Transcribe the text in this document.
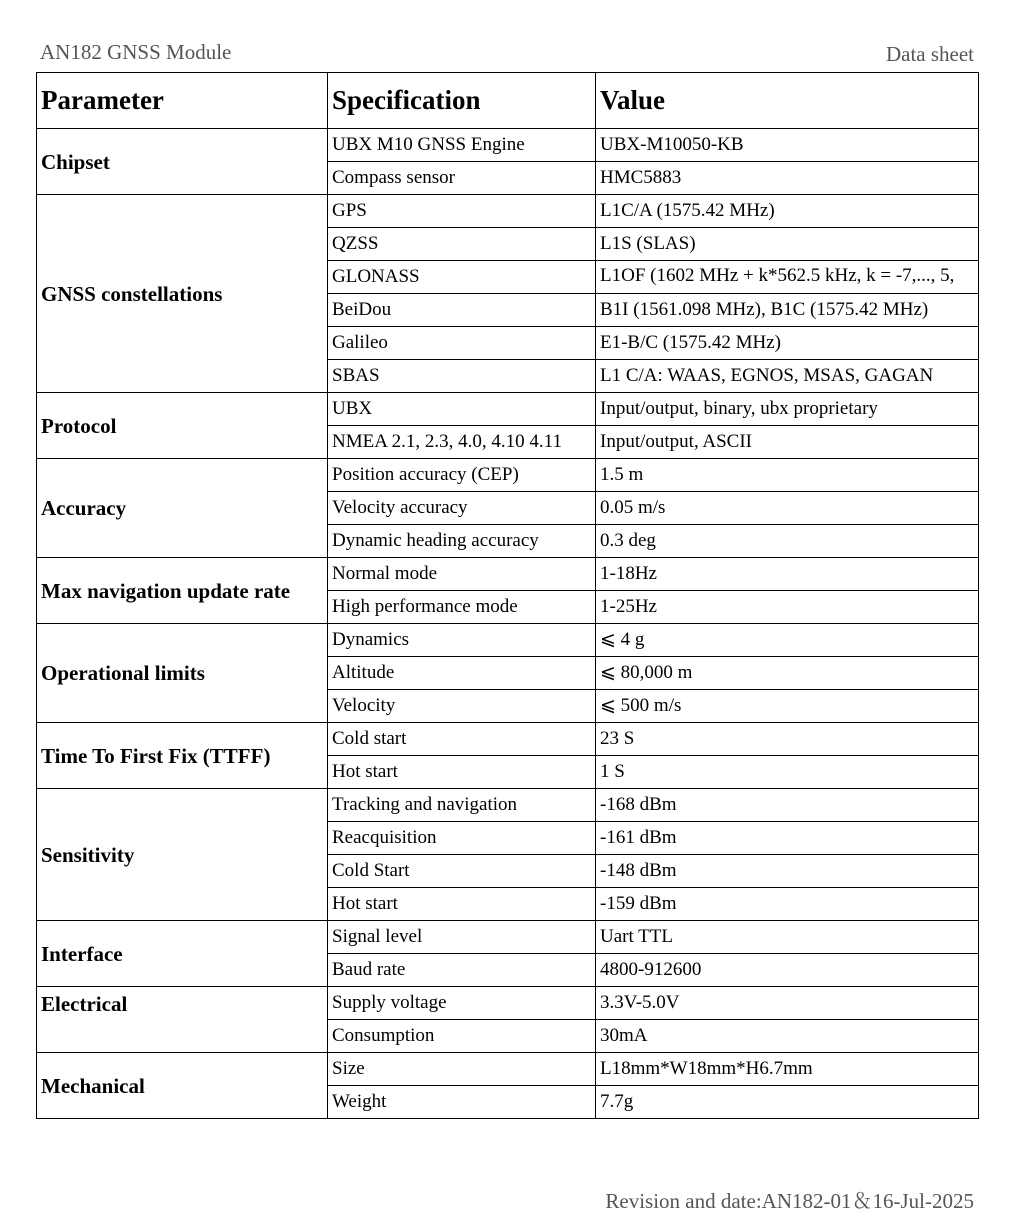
AN182 GNSS Module	Data sheet
Parameter	Specification	Value
Chipset	UBX M10 GNSS Engine	UBX-M10050-KB
	Compass sensor	HMC5883
GNSS constellations	GPS	L1C/A (1575.42 MHz)
	QZSS	L1S (SLAS)
	GLONASS	L1OF (1602 MHz + k*562.5 kHz, k = -7,..., 5,

	BeiDou	B1I (1561.098 MHz), B1C (1575.42 MHz)
	Galileo	E1-B/C (1575.42 MHz)
	SBAS	L1 C/A: WAAS, EGNOS, MSAS, GAGAN
Protocol	UBX	Input/output, binary, ubx proprietary
	NMEA 2.1, 2.3, 4.0, 4.10 4.11	Input/output, ASCII
Accuracy	Position accuracy (CEP)	1.5 m
	Velocity accuracy	0.05 m/s
	Dynamic heading accuracy	0.3 deg
Max navigation update rate	Normal mode	1-18Hz
	High performance mode	1-25Hz
Operational limits	Dynamics	⩽ 4 g
	Altitude	⩽ 80,000 m
	Velocity	⩽ 500 m/s
Time To First Fix (TTFF)	Cold start	23 S
	Hot start	1 S
Sensitivity	Tracking and navigation	-168 dBm
	Reacquisition	-161 dBm
	Cold Start	-148 dBm
	Hot start	-159 dBm
Interface	Signal level	Uart TTL
	Baud rate	4800-912600
Electrical	Supply voltage	3.3V-5.0V
	Consumption	30mA
Mechanical	Size	L18mm*W18mm*H6.7mm
	Weight	7.7g
Revision and date:AN182-01＆16-Jul-2025
